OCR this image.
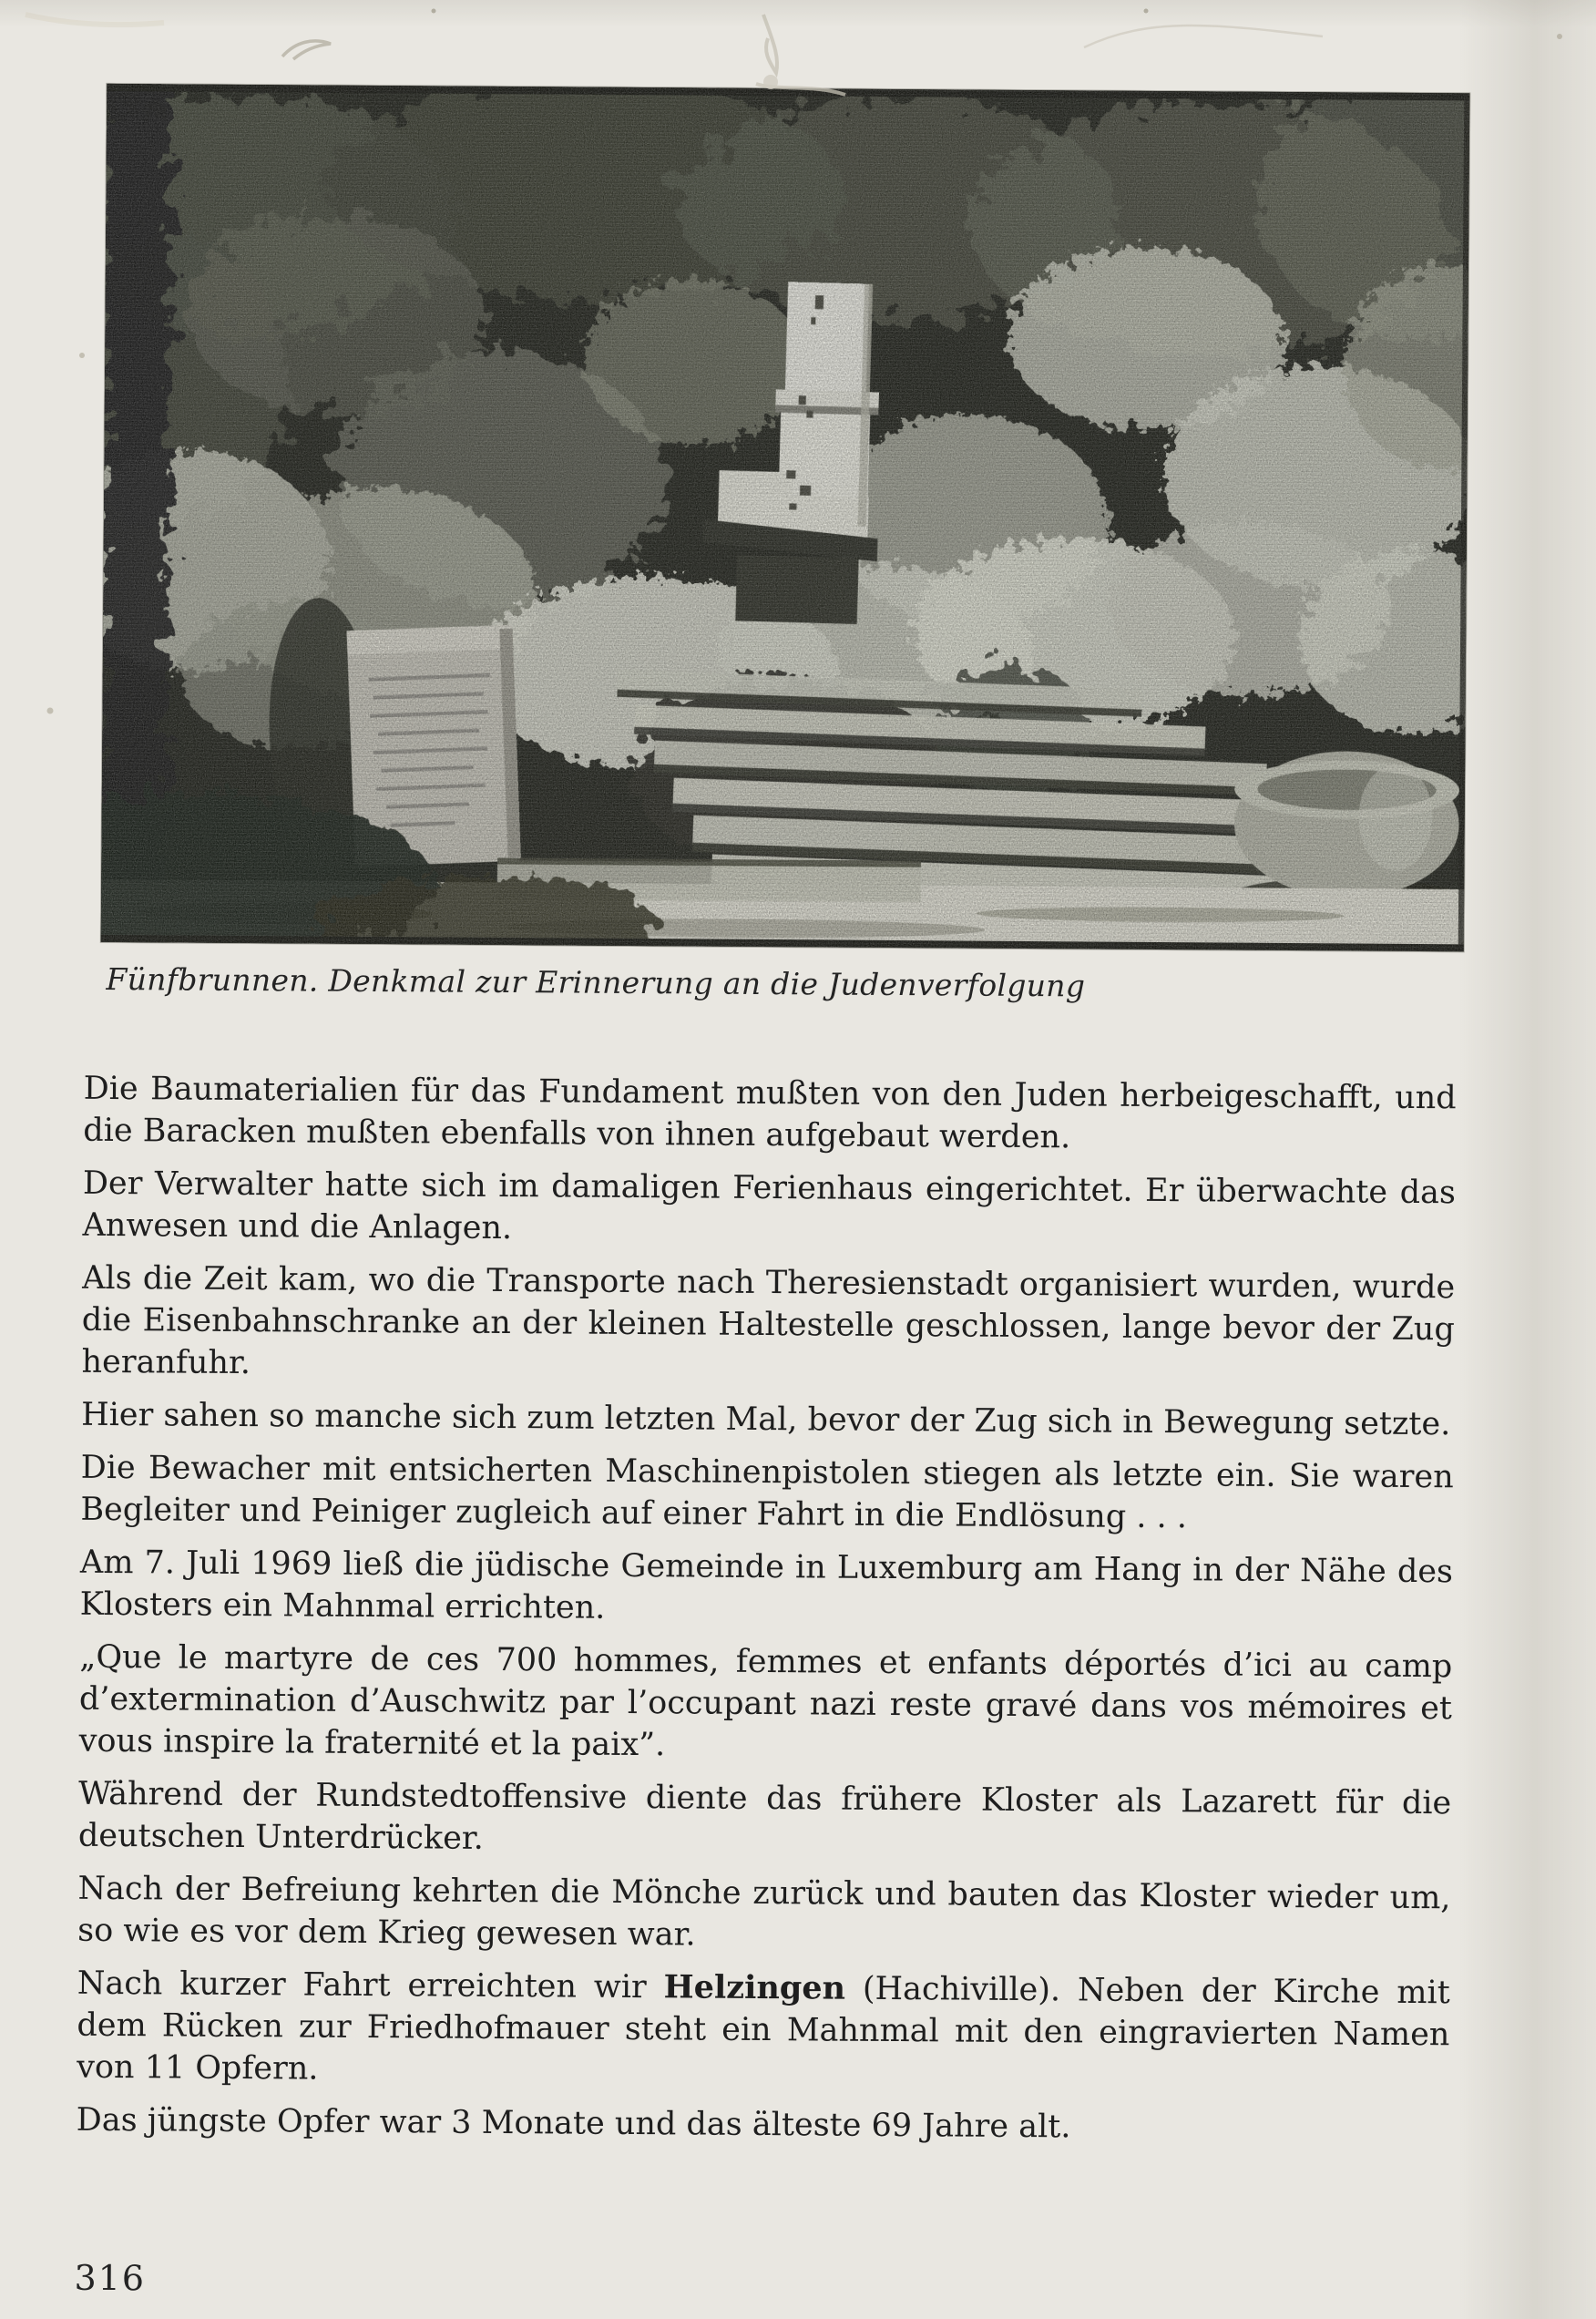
Fünfbrunnen. Denkmal zur Erinnerung an die Judenverfolgung

Die Baumaterialien für das Fundament mußten von den Juden herbeigeschafft, und die Baracken mußten ebenfalls von ihnen aufgebaut werden.

Der Verwalter hatte sich im damaligen Ferienhaus eingerichtet. Er überwachte das Anwesen und die Anlagen.

Als die Zeit kam, wo die Transporte nach Theresienstadt organisiert wurden, wurde die Eisenbahnschranke an der kleinen Haltestelle geschlossen, lange bevor der Zug heranfuhr.

Hier sahen so manche sich zum letzten Mal, bevor der Zug sich in Bewegung setzte.

Die Bewacher mit entsicherten Maschinenpistolen stiegen als letzte ein. Sie waren Begleiter und Peiniger zugleich auf einer Fahrt in die Endlösung . . .

Am 7. Juli 1969 ließ die jüdische Gemeinde in Luxemburg am Hang in der Nähe des Klosters ein Mahnmal errichten.

„Que le martyre de ces 700 hommes, femmes et enfants déportés d’ici au camp d’extermination d’Auschwitz par l’occupant nazi reste gravé dans vos mémoires et vous inspire la fraternité et la paix”.

Während der Rundstedtoffensive diente das frühere Kloster als Lazarett für die deutschen Unterdrücker.

Nach der Befreiung kehrten die Mönche zurück und bauten das Kloster wieder um, so wie es vor dem Krieg gewesen war.

Nach kurzer Fahrt erreichten wir Helzingen (Hachiville). Neben der Kirche mit dem Rücken zur Friedhofmauer steht ein Mahnmal mit den eingravierten Namen von 11 Opfern.

Das jüngste Opfer war 3 Monate und das älteste 69 Jahre alt.

316
